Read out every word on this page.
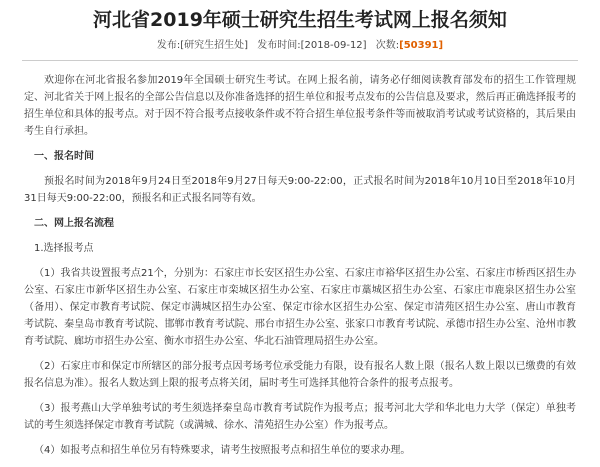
河北省2019年硕士研究生招生考试网上报名须知
发布:[研究生招生处] 发布时间:[2018-09-12] 次数:[50391]

欢迎你在河北省报名参加2019年全国硕士研究生考试。在网上报名前，请务必仔细阅读教育部发布的招生工作管理规定、河北省关于网上报名的全部公告信息以及你准备选择的招生单位和报考点发布的公告信息及要求，然后再正确选择报考的招生单位和具体的报考点。对于因不符合报考点接收条件或不符合招生单位报考条件等而被取消考试或考试资格的，其后果由考生自行承担。

一、报名时间

预报名时间为2018年9月24日至2018年9月27日每天9:00-22:00，正式报名时间为2018年10月10日至2018年10月31日每天9:00-22:00，预报名和正式报名同等有效。

二、网上报名流程

1.选择报考点

（1）我省共设置报考点21个，分别为：石家庄市长安区招生办公室、石家庄市裕华区招生办公室、石家庄市桥西区招生办公室、石家庄市新华区招生办公室、石家庄市栾城区招生办公室、石家庄市藁城区招生办公室、石家庄市鹿泉区招生办公室（备用）、保定市教育考试院、保定市满城区招生办公室、保定市徐水区招生办公室、保定市清苑区招生办公室、唐山市教育考试院、秦皇岛市教育考试院、邯郸市教育考试院、邢台市招生办公室、张家口市教育考试院、承德市招生办公室、沧州市教育考试院、廊坊市招生办公室、衡水市招生办公室、华北石油管理局招生办公室。

（2）石家庄市和保定市所辖区的部分报考点因考场考位承受能力有限，设有报名人数上限（报名人数上限以已缴费的有效报名信息为准）。报名人数达到上限的报考点将关闭，届时考生可选择其他符合条件的报考点报考。

（3）报考燕山大学单独考试的考生须选择秦皇岛市教育考试院作为报考点；报考河北大学和华北电力大学（保定）单独考试的考生须选择保定市教育考试院（或满城、徐水、清苑招生办公室）作为报考点。

（4）如报考点和招生单位另有特殊要求，请考生按照报考点和招生单位的要求办理。
